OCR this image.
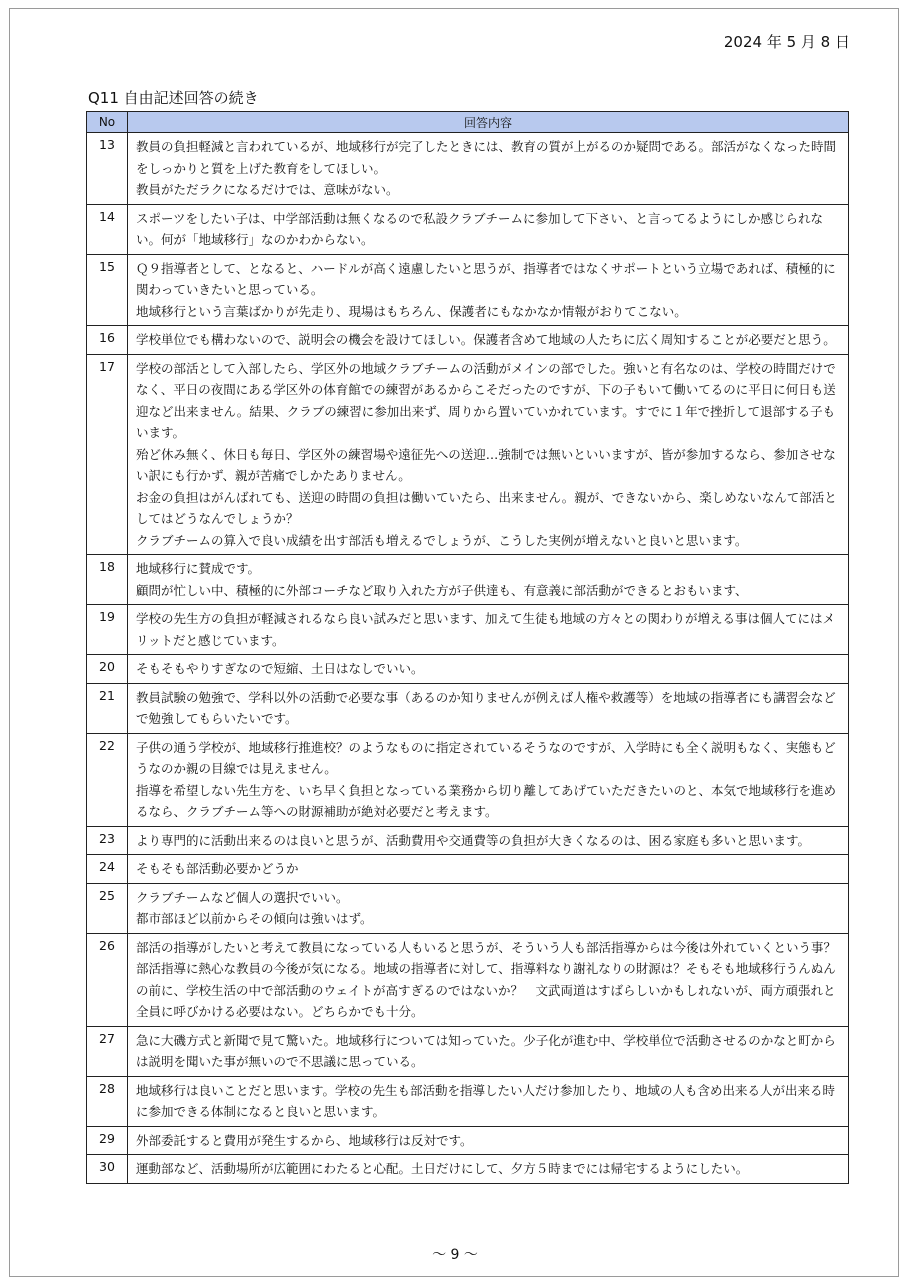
2024 年 5 月 8 日
Q11 自由記述回答の続き
No	回答内容
13	教員の負担軽減と言われているが、地域移行が完了したときには、教育の質が上がるのか疑問である。部活がなくなった時間をしっかりと質を上げた教育をしてほしい。

教員がただラクになるだけでは、意味がない。

14	スポーツをしたい子は、中学部活動は無くなるので私設クラブチームに参加して下さい、と言ってるようにしか感じられない。何が「地域移行」なのかわからない。

15	Ｑ９指導者として、となると、ハードルが高く遠慮したいと思うが、指導者ではなくサポートという立場であれば、積極的に関わっていきたいと思っている。

地域移行という言葉ばかりが先走り、現場はもちろん、保護者にもなかなか情報がおりてこない。

16	学校単位でも構わないので、説明会の機会を設けてほしい。保護者含めて地域の人たちに広く周知することが必要だと思う。

17	学校の部活として入部したら、学区外の地域クラブチームの活動がメインの部でした。強いと有名なのは、学校の時間だけでなく、平日の夜間にある学区外の体育館での練習があるからこそだったのですが、下の子もいて働いてるのに平日に何日も送迎など出来ません。結果、クラブの練習に参加出来ず、周りから置いていかれています。すでに１年で挫折して退部する子もいます。

殆ど休み無く、休日も毎日、学区外の練習場や遠征先への送迎…強制では無いといいますが、皆が参加するなら、参加させない訳にも行かず、親が苦痛でしかたありません。

お金の負担はがんばれても、送迎の時間の負担は働いていたら、出来ません。親が、できないから、楽しめないなんて部活としてはどうなんでしょうか？

クラブチームの算入で良い成績を出す部活も増えるでしょうが、こうした実例が増えないと良いと思います。

18	地域移行に賛成です。

顧問が忙しい中、積極的に外部コーチなど取り入れた方が子供達も、有意義に部活動ができるとおもいます、

19	学校の先生方の負担が軽減されるなら良い試みだと思います、加えて生徒も地域の方々との関わりが増える事は個人てにはメリットだと感じています。

20	そもそもやりすぎなので短縮、土日はなしでいい。

21	教員試験の勉強で、学科以外の活動で必要な事（あるのか知りませんが例えば人権や救護等）を地域の指導者にも講習会などで勉強してもらいたいです。

22	子供の通う学校が、地域移行推進校？のようなものに指定されているそうなのですが、入学時にも全く説明もなく、実態もどうなのか親の目線では見えません。

指導を希望しない先生方を、いち早く負担となっている業務から切り離してあげていただきたいのと、本気で地域移行を進めるなら、クラブチーム等への財源補助が絶対必要だと考えます。

23	より専門的に活動出来るのは良いと思うが、活動費用や交通費等の負担が大きくなるのは、困る家庭も多いと思います。

24	そもそも部活動必要かどうか

25	クラブチームなど個人の選択でいい。

都市部ほど以前からその傾向は強いはず。

26	部活の指導がしたいと考えて教員になっている人もいると思うが、そういう人も部活指導からは今後は外れていくという事？部活指導に熱心な教員の今後が気になる。地域の指導者に対して、指導料なり謝礼なりの財源は？そもそも地域移行うんぬんの前に、学校生活の中で部活動のウェイトが高すぎるのではないか？　文武両道はすばらしいかもしれないが、両方頑張れと全員に呼びかける必要はない。どちらかでも十分。

27	急に大磯方式と新聞で見て驚いた。地域移行については知っていた。少子化が進む中、学校単位で活動させるのかなと町からは説明を聞いた事が無いので不思議に思っている。

28	地域移行は良いことだと思います。学校の先生も部活動を指導したい人だけ参加したり、地域の人も含め出来る人が出来る時に参加できる体制になると良いと思います。

29	外部委託すると費用が発生するから、地域移行は反対です。

30	運動部など、活動場所が広範囲にわたると心配。土日だけにして、夕方５時までには帰宅するようにしたい。

～ 9 ～
